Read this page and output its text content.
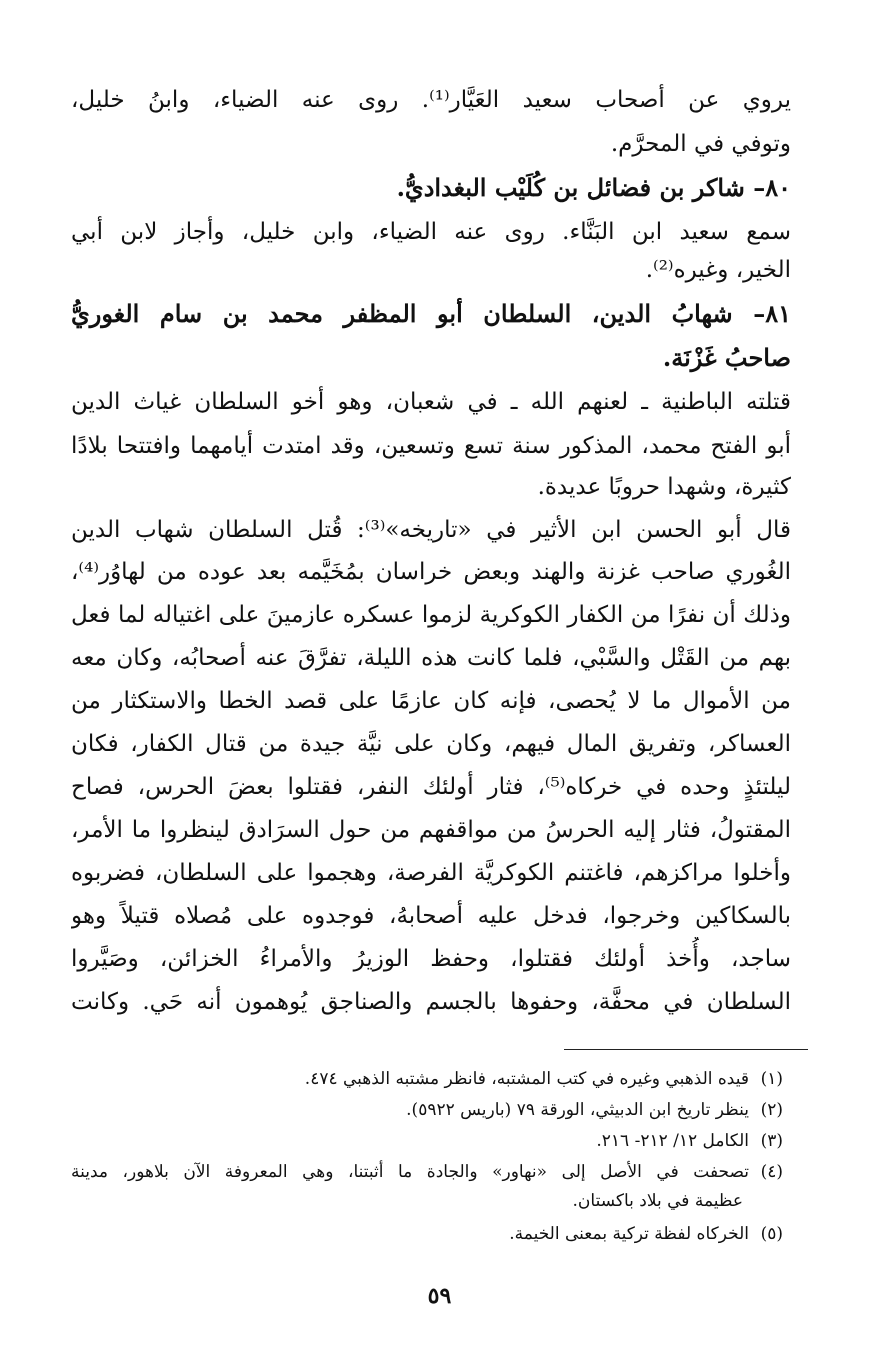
يروي عن أصحاب سعيد العَيَّار⁽¹⁾. روى عنه الضياء، وابنُ خليل،
وتوفي في المحرَّم.
٨٠– شاكر بن فضائل بن كُلَيْب البغداديُّ.
سمع سعيد ابن البَنَّاء. روى عنه الضياء، وابن خليل، وأجاز لابن أبي
الخير، وغيره⁽²⁾.
٨١– شهابُ الدين، السلطان أبو المظفر محمد بن سام الغوريُّ
صاحبُ غَزْنَة.
قتلته الباطنية ـ لعنهم الله ـ في شعبان، وهو أخو السلطان غياث الدين
أبو الفتح محمد، المذكور سنة تسع وتسعين، وقد امتدت أيامهما وافتتحا بلادًا
كثيرة، وشهدا حروبًا عديدة.
قال أبو الحسن ابن الأثير في «تاريخه»⁽³⁾: قُتل السلطان شهاب الدين
الغُوري صاحب غزنة والهند وبعض خراسان بمُخَيَّمه بعد عوده من لهاوُر⁽⁴⁾،
وذلك أن نفرًا من الكفار الكوكرية لزموا عسكره عازمينَ على اغتياله لما فعل
بهم من القَتْل والسَّبْي، فلما كانت هذه الليلة، تفرَّقَ عنه أصحابُه، وكان معه
من الأموال ما لا يُحصى، فإنه كان عازمًا على قصد الخطا والاستكثار من
العساكر، وتفريق المال فيهم، وكان على نيَّة جيدة من قتال الكفار، فكان
ليلتئذٍ وحده في خركاه⁽⁵⁾، فثار أولئك النفر، فقتلوا بعضَ الحرس، فصاح
المقتولُ، فثار إليه الحرسُ من مواقفهم من حول السرَادق لينظروا ما الأمر،
وأخلوا مراكزهم، فاغتنم الكوكريَّة الفرصة، وهجموا على السلطان، فضربوه
بالسكاكين وخرجوا، فدخل عليه أصحابهُ، فوجدوه على مُصلاه قتيلاً وهو
ساجد، وأُخذ أولئك فقتلوا، وحفظ الوزيرُ والأمراءُ الخزائن، وصَيَّروا
السلطان في محفَّة، وحفوها بالجسم والصناجق يُوهمون أنه حَي. وكانت
(١)قيده الذهبي وغيره في كتب المشتبه، فانظر مشتبه الذهبي ٤٧٤.
(٢)ينظر تاريخ ابن الدبيثي، الورقة ٧٩ (باريس ٥٩٢٢).
(٣)الكامل ١٢/ ٢١٢- ٢١٦.
(٤)تصحفت في الأصل إلى «نهاور» والجادة ما أثبتنا، وهي المعروفة الآن بلاهور، مدينة
عظيمة في بلاد باكستان.
(٥)الخركاه لفظة تركية بمعنى الخيمة.
٥٩
